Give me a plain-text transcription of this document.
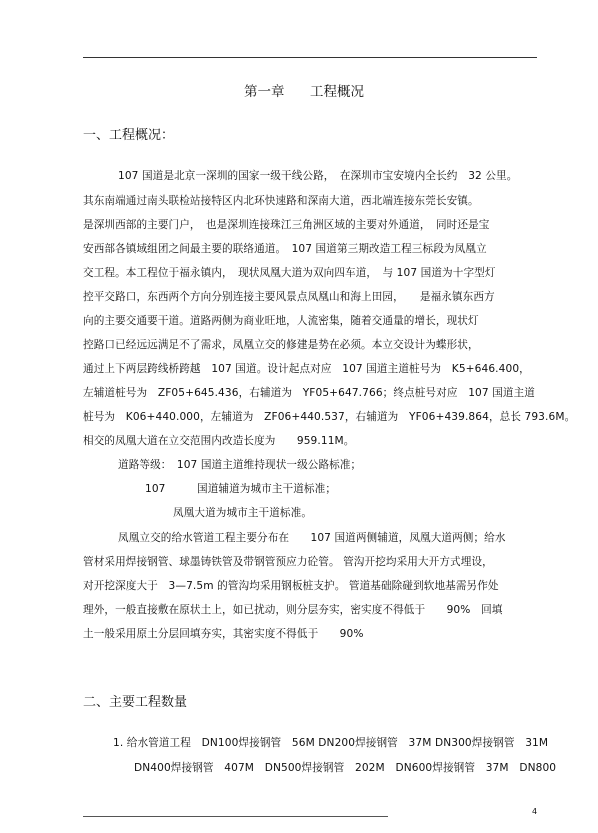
第一章 工程概况
一、工程概况：
107 国道是北京一深圳的国家一级干线公路，　在深圳市宝安境内全长约　32 公里。
其东南端通过南头联检站接特区内北环快速路和深南大道，西北端连接东莞长安镇。
是深圳西部的主要门户，　也是深圳连接珠江三角洲区域的主要对外通道，　同时还是宝
安西部各镇域组团之间最主要的联络通道。　107 国道第三期改造工程三标段为凤凰立
交工程。本工程位于福永镇内，　现状凤凰大道为双向四车道，　与 107 国道为十字型灯
控平交路口，东西两个方向分别连接主要风景点凤凰山和海上田园，　　是福永镇东西方
向的主要交通要干道。道路两侧为商业旺地，人流密集，随着交通量的增长，现状灯
控路口已经远远满足不了需求，凤凰立交的修建是势在必须。本立交设计为蝶形状，
通过上下两层跨线桥跨越　107 国道。设计起点对应　107 国道主道桩号为　K5+646.400，
左辅道桩号为　ZF05+645.436，右辅道为　YF05+647.766；终点桩号对应　107 国道主道
桩号为　K06+440.000，左辅道为　ZF06+440.537，右辅道为　YF06+439.864，总长 793.6M。
相交的凤凰大道在立交范围内改造长度为　　959.11M。
道路等级：　107 国道主道维持现状一级公路标准；
107	国道辅道为城市主干道标准；
凤凰大道为城市主干道标准。
凤凰立交的给水管道工程主要分布在　　107 国道两侧辅道，凤凰大道两侧；给水
管材采用焊接钢管、球墨铸铁管及带钢管预应力砼管。 管沟开挖均采用大开方式埋设，
对开挖深度大于　3—7.5m 的管沟均采用钢板桩支护。 管道基础除碰到软地基需另作处
理外，一般直接敷在原状土上，如已扰动，则分层夯实，密实度不得低于　　90%　回填
土一般采用原土分层回填夯实，其密实度不得低于　　90%
二、主要工程数量
1. 给水管道工程　DN100焊接钢管　56M DN200焊接钢管　37M DN300焊接钢管　31M
DN400焊接钢管　407M　DN500焊接钢管　202M　DN600焊接钢管　37M　DN800
4
